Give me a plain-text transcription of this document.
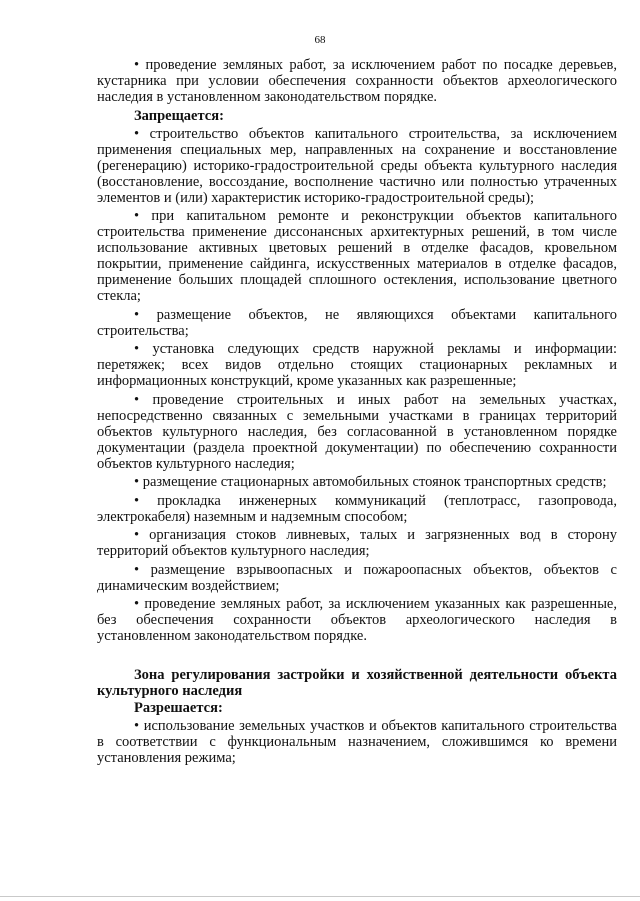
68

• проведение земляных работ, за исключением работ по посадке деревьев, кустарника при условии обеспечения сохранности объектов археологического наследия в установленном законодательством порядке.

Запрещается:

• строительство объектов капитального строительства, за исключением применения специальных мер, направленных на сохранение и восстановление (регенерацию) историко-градостроительной среды объекта культурного наследия (восстановление, воссоздание, восполнение частично или полностью утраченных элементов и (или) характеристик историко-градостроительной среды);

• при капитальном ремонте и реконструкции объектов капитального строительства применение диссонансных архитектурных решений, в том числе использование активных цветовых решений в отделке фасадов, кровельном покрытии, применение сайдинга, искусственных материалов в отделке фасадов, применение больших площадей сплошного остекления, использование цветного стекла;

• размещение объектов, не являющихся объектами капитального строительства;

• установка следующих средств наружной рекламы и информации: перетяжек; всех видов отдельно стоящих стационарных рекламных и информационных конструкций, кроме указанных как разрешенные;

• проведение строительных и иных работ на земельных участках, непосредственно связанных с земельными участками в границах территорий объектов культурного наследия, без согласованной в установленном порядке документации (раздела проектной документации) по обеспечению сохранности объектов культурного наследия;

• размещение стационарных автомобильных стоянок транспортных средств;

• прокладка инженерных коммуникаций (теплотрасс, газопровода, электрокабеля) наземным и надземным способом;

• организация стоков ливневых, талых и загрязненных вод в сторону территорий объектов культурного наследия;

• размещение взрывоопасных и пожароопасных объектов, объектов с динамическим воздействием;

• проведение земляных работ, за исключением указанных как разрешенные, без обеспечения сохранности объектов археологического наследия в установленном законодательством порядке.

Зона регулирования застройки и хозяйственной деятельности объекта культурного наследия

Разрешается:

• использование земельных участков и объектов капитального строительства в соответствии с функциональным назначением, сложившимся ко времени установления режима;
